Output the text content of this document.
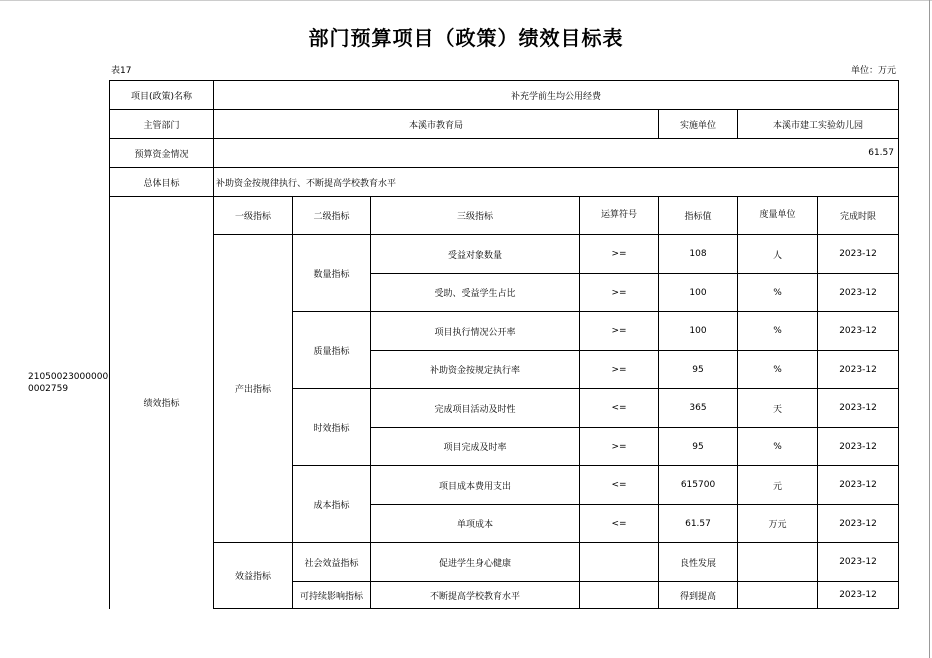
部门预算项目（政策）绩效目标表
表17	单位：万元
210500230000000002759
项目(政策)名称	补充学前生均公用经费						
主管部门	本溪市教育局				实施单位	本溪市建工实验幼儿园	
预算资金情况	61.57						
总体目标	补助资金按规律执行、不断提高学校教育水平						
绩效指标	一级指标	二级指标	三级指标	运算符号	指标值	度量单位	完成时限
	产出指标	数量指标	受益对象数量	>=	108	人	2023-12
			受助、受益学生占比	>=	100	%	2023-12
		质量指标	项目执行情况公开率	>=	100	%	2023-12
			补助资金按规定执行率	>=	95	%	2023-12
		时效指标	完成项目活动及时性	<=	365	天	2023-12
			项目完成及时率	>=	95	%	2023-12
		成本指标	项目成本费用支出	<=	615700	元	2023-12
			单项成本	<=	61.57	万元	2023-12
	效益指标	社会效益指标	促进学生身心健康		良性发展		2023-12
		可持续影响指标	不断提高学校教育水平		得到提高		2023-12
